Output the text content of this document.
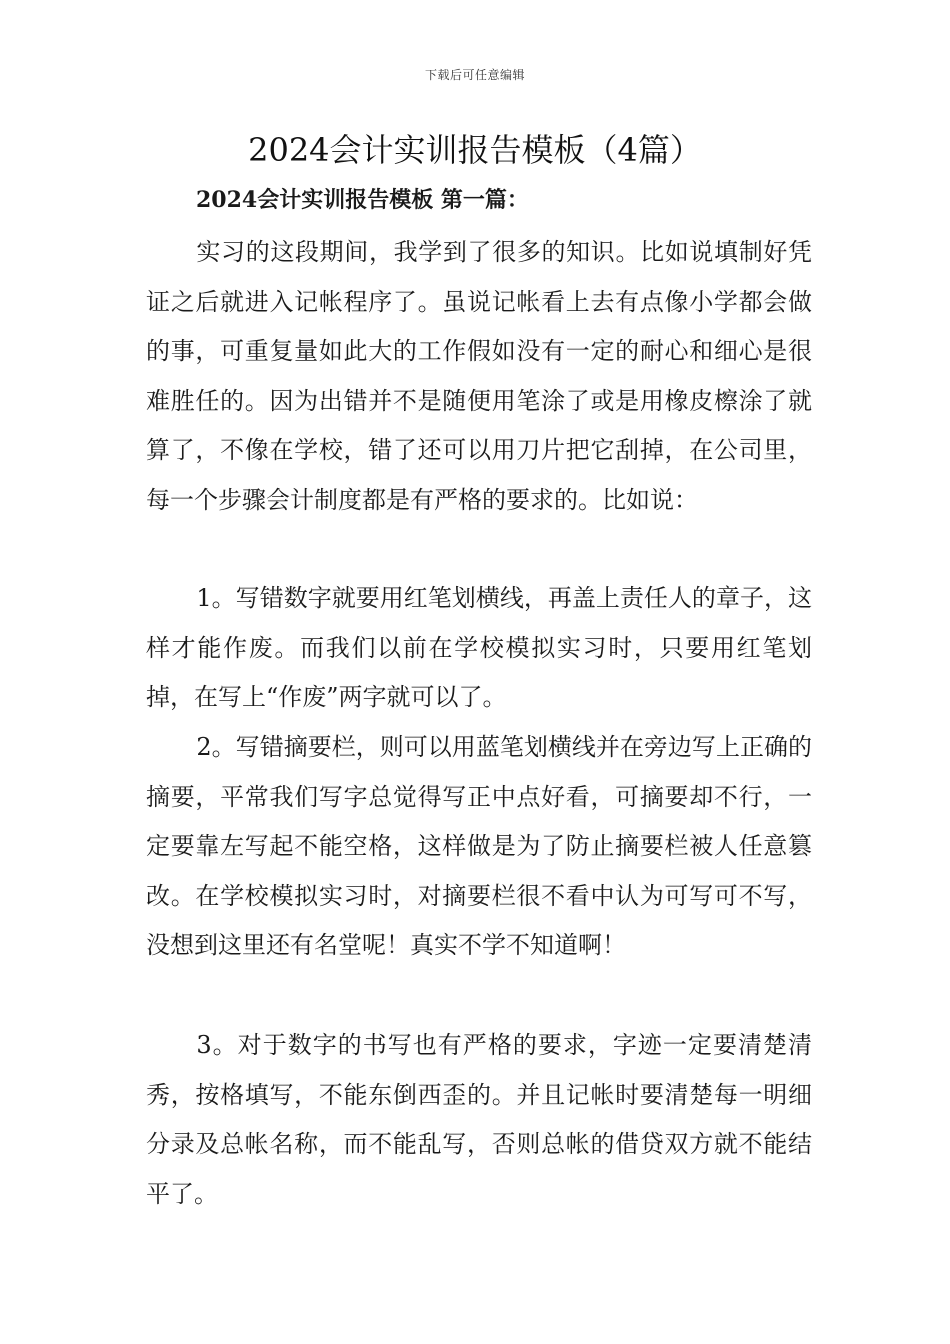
下载后可任意编辑
2024会计实训报告模板（4篇）
2024会计实训报告模板 第一篇：

实习的这段期间，我学到了很多的知识。比如说填制好凭证之后就进入记帐程序了。虽说记帐看上去有点像小学都会做的事，可重复量如此大的工作假如没有一定的耐心和细心是很难胜任的。因为出错并不是随便用笔涂了或是用橡皮檫涂了就算了，不像在学校，错了还可以用刀片把它刮掉，在公司里，每一个步骤会计制度都是有严格的要求的。比如说：

1。写错数字就要用红笔划横线，再盖上责任人的章子，这样才能作废。而我们以前在学校模拟实习时，只要用红笔划掉，在写上“作废”两字就可以了。

2。写错摘要栏，则可以用蓝笔划横线并在旁边写上正确的摘要，平常我们写字总觉得写正中点好看，可摘要却不行，一定要靠左写起不能空格，这样做是为了防止摘要栏被人任意篡改。在学校模拟实习时，对摘要栏很不看中认为可写可不写，没想到这里还有名堂呢！真实不学不知道啊！

3。对于数字的书写也有严格的要求，字迹一定要清楚清秀，按格填写，不能东倒西歪的。并且记帐时要清楚每一明细分录及总帐名称，而不能乱写，否则总帐的借贷双方就不能结平了。
